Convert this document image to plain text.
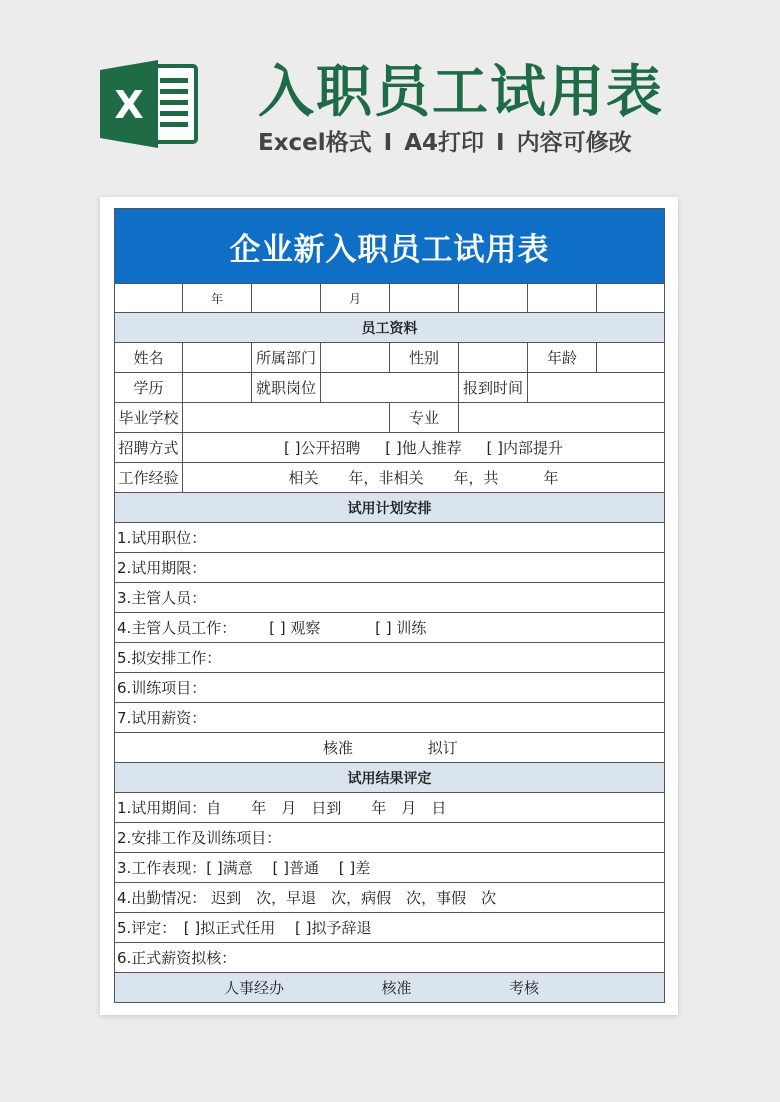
X 入职员工试用表
Excel格式 I A4打印 I 内容可修改
企业新入职员工试用表							
	年		月				
员工资料							
姓名		所属部门		性别		年龄	
学历		就职岗位			报到时间		
毕业学校				专业			
招聘方式	[ ]公开招聘 [ ]他人推荐 [ ]内部提升						
工作经验	相关　　年，非相关　　年，共　　　年						
试用计划安排							
1.试用职位：							
2.试用期限：							
3.主管人员：							
4.主管人员工作： [ ] 观察 [ ] 训练							
5.拟安排工作：							
6.训练项目：							
7.试用薪资：							

核准 拟订							

试用结果评定							
1.试用期间：自　　年　月　日到　　年　月　日							
2.安排工作及训练项目：							
3.工作表现：[ ]满意　 [ ]普通　 [ ]差							
4.出勤情况： 迟到　次，早退　次，病假　次，事假　次							
5.评定：　[ ]拟正式任用　 [ ]拟予辞退							
6.正式薪资拟核：							

人事经办 核准 考核							
